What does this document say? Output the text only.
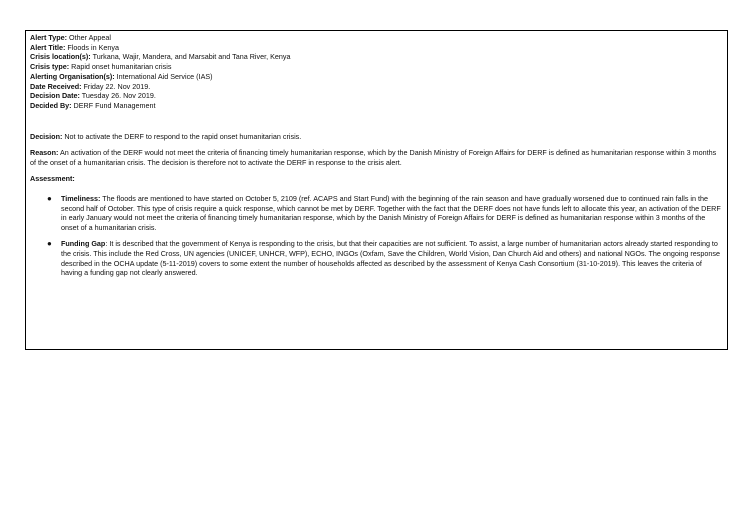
Alert Type: Other Appeal
Alert Title: Floods in Kenya
Crisis location(s): Turkana, Wajir, Mandera, and Marsabit and Tana River, Kenya
Crisis type: Rapid onset humanitarian crisis
Alerting Organisation(s): International Aid Service (IAS)
Date Received: Friday 22. Nov 2019.
Decision Date: Tuesday 26. Nov 2019.
Decided By: DERF Fund Management

Decision: Not to activate the DERF to respond to the rapid onset humanitarian crisis.

Reason: An activation of the DERF would not meet the criteria of financing timely humanitarian response, which by the Danish Ministry of Foreign Affairs for DERF is defined as humanitarian response within 3 months of the onset of a humanitarian crisis. The decision is therefore not to activate the DERF in response to the crisis alert.

Assessment:

● Timeliness: The floods are mentioned to have started on October 5, 2109 (ref. ACAPS and Start Fund) with the beginning of the rain season and have gradually worsened due to continued rain falls in the second half of October. This type of crisis require a quick response, which cannot be met by DERF. Together with the fact that the DERF does not have funds left to allocate this year, an activation of the DERF in early January would not meet the criteria of financing timely humanitarian response, which by the Danish Ministry of Foreign Affairs for DERF is defined as humanitarian response within 3 months of the onset of a humanitarian crisis.
● Funding Gap: It is described that the government of Kenya is responding to the crisis, but that their capacities are not sufficient. To assist, a large number of humanitarian actors already started responding to the crisis. This include the Red Cross, UN agencies (UNICEF, UNHCR, WFP), ECHO, INGOs (Oxfam, Save the Children, World Vision, Dan Church Aid and others) and national NGOs. The ongoing response described in the OCHA update (5-11-2019) covers to some extent the number of households affected as described by the assessment of Kenya Cash Consortium (31-10-2019). This leaves the criteria of having a funding gap not clearly answered.
